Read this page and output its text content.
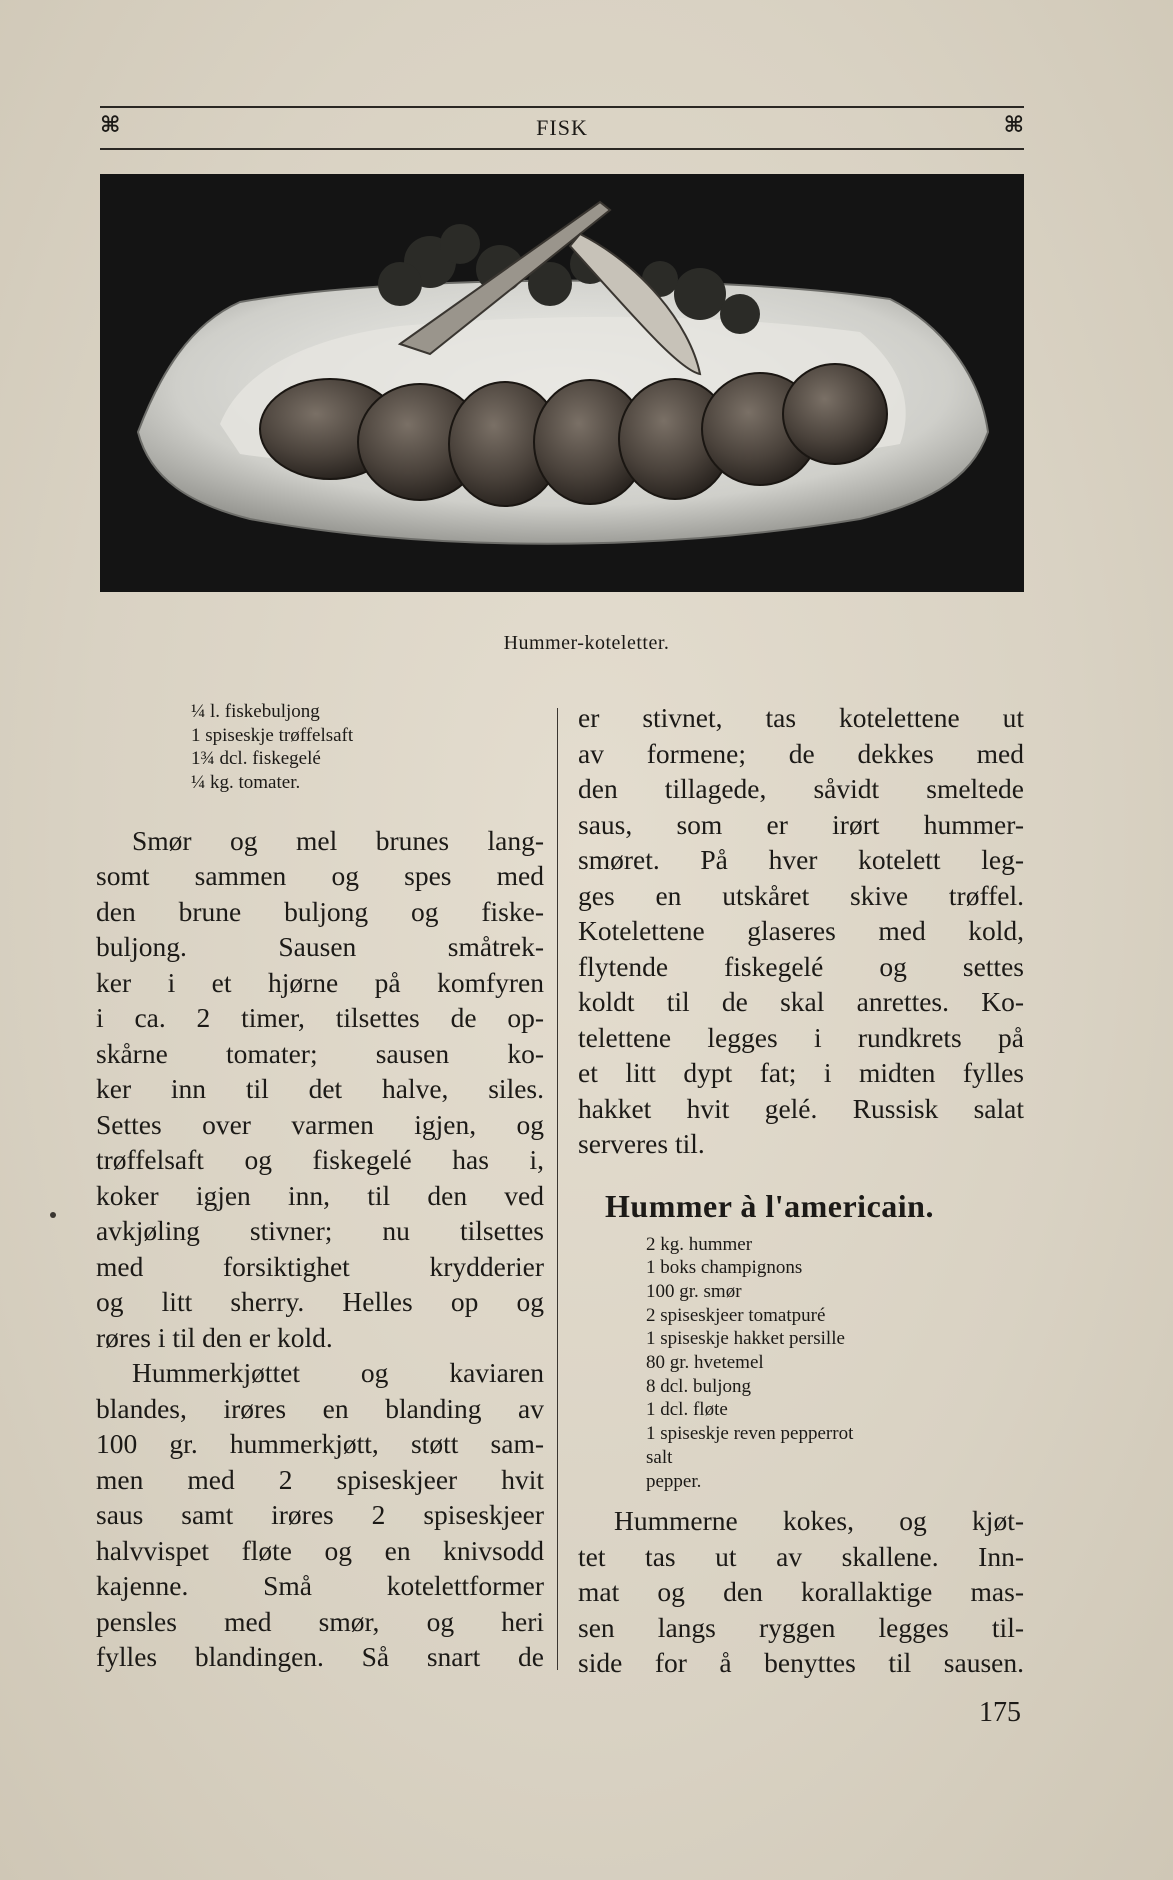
⌘	FISK	⌘
Hummer-koteletter.
¼ l. fiskebuljong
1 spiseskje trøffelsaft
1¾ dcl. fiskegelé
¼ kg. tomater.
Smør og mel brunes lang-
somt sammen og spes med
den brune buljong og fiske-
buljong. Sausen småtrek-
ker i et hjørne på komfyren
i ca. 2 timer, tilsettes de op-
skårne tomater; sausen ko-
ker inn til det halve, siles.
Settes over varmen igjen, og
trøffelsaft og fiskegelé has i,
koker igjen inn, til den ved
avkjøling stivner; nu tilsettes
med forsiktighet krydderier
og litt sherry. Helles op og
røres i til den er kold.
Hummerkjøttet og kaviaren
blandes, irøres en blanding av
100 gr. hummerkjøtt, støtt sam-
men med 2 spiseskjeer hvit
saus samt irøres 2 spiseskjeer
halvvispet fløte og en knivsodd
kajenne. Små kotelettformer
pensles med smør, og heri
fylles blandingen. Så snart de
er stivnet, tas kotelettene ut
av formene; de dekkes med
den tillagede, såvidt smeltede
saus, som er irørt hummer-
smøret. På hver kotelett leg-
ges en utskåret skive trøffel.
Kotelettene glaseres med kold,
flytende fiskegelé og settes
koldt til de skal anrettes. Ko-
telettene legges i rundkrets på
et litt dypt fat; i midten fylles
hakket hvit gelé. Russisk salat
serveres til.
Hummer à l'americain.
2 kg. hummer
1 boks champignons
100 gr. smør
2 spiseskjeer tomatpuré
1 spiseskje hakket persille
80 gr. hvetemel
8 dcl. buljong
1 dcl. fløte
1 spiseskje reven pepperrot
salt
pepper.
Hummerne kokes, og kjøt-
tet tas ut av skallene. Inn-
mat og den korallaktige mas-
sen langs ryggen legges til-
side for å benyttes til sausen.
175
